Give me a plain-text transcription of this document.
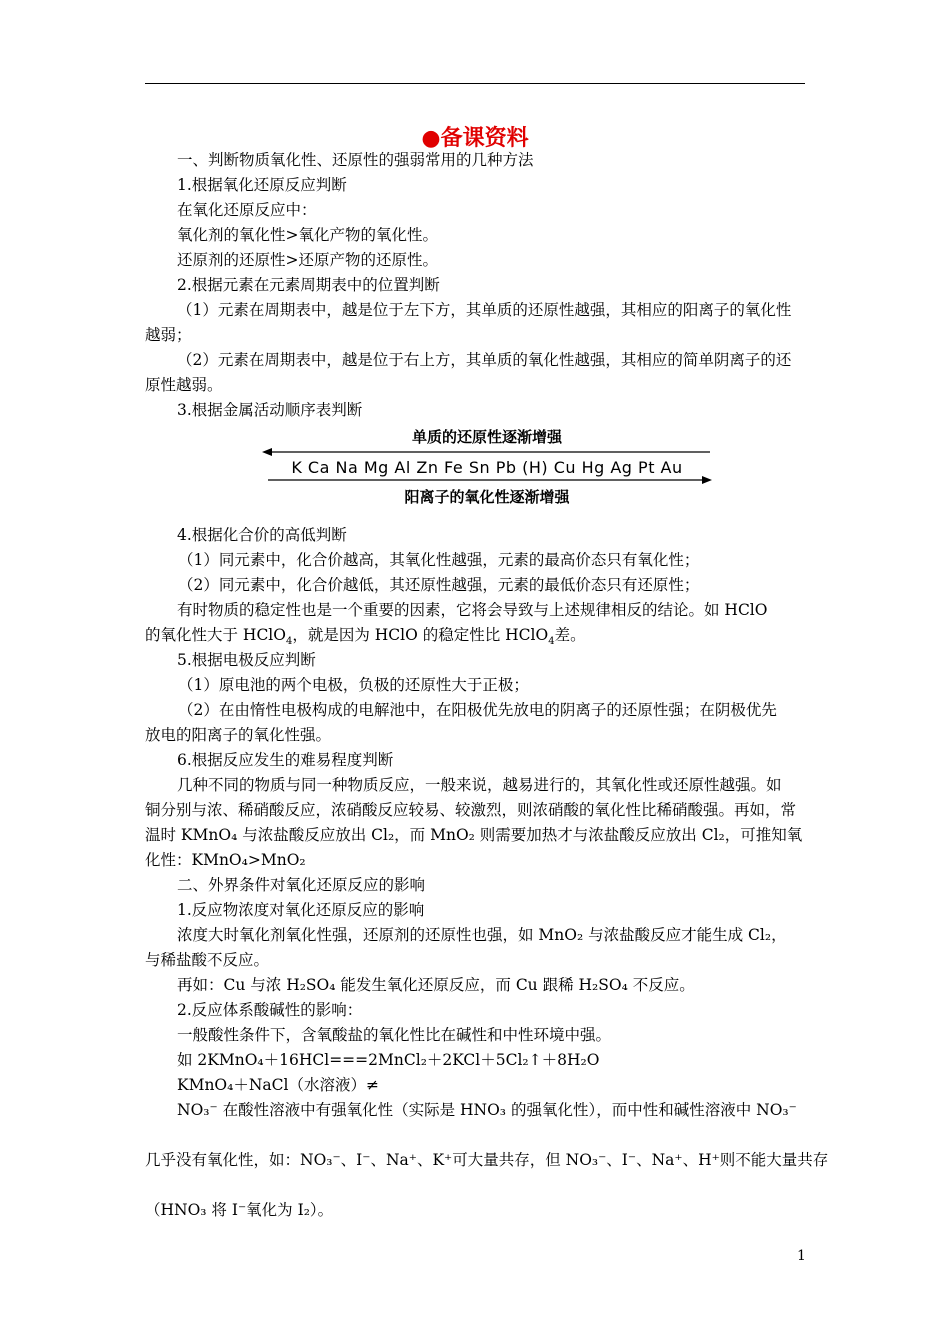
●备课资料
一、判断物质氧化性、还原性的强弱常用的几种方法
1.根据氧化还原反应判断
在氧化还原反应中：
氧化剂的氧化性>氧化产物的氧化性。
还原剂的还原性>还原产物的还原性。
2.根据元素在元素周期表中的位置判断
（1）元素在周期表中，越是位于左下方，其单质的还原性越强，其相应的阳离子的氧化性
越弱；
（2）元素在周期表中，越是位于右上方，其单质的氧化性越强，其相应的简单阴离子的还
原性越弱。
3.根据金属活动顺序表判断
单质的还原性逐渐增强
K Ca Na Mg Al Zn Fe Sn Pb (H) Cu Hg Ag Pt Au
阳离子的氧化性逐渐增强
4.根据化合价的高低判断
（1）同元素中，化合价越高，其氧化性越强，元素的最高价态只有氧化性；
（2）同元素中，化合价越低，其还原性越强，元素的最低价态只有还原性；
有时物质的稳定性也是一个重要的因素，它将会导致与上述规律相反的结论。如 HClO
的氧化性大于 HClO$_4$，就是因为 HClO 的稳定性比 HClO$_4$差。
5.根据电极反应判断
（1）原电池的两个电极，负极的还原性大于正极；
（2）在由惰性电极构成的电解池中，在阳极优先放电的阴离子的还原性强；在阴极优先
放电的阳离子的氧化性强。
6.根据反应发生的难易程度判断
几种不同的物质与同一种物质反应，一般来说，越易进行的，其氧化性或还原性越强。如
铜分别与浓、稀硝酸反应，浓硝酸反应较易、较激烈，则浓硝酸的氧化性比稀硝酸强。再如，常
温时 KMnO₄ 与浓盐酸反应放出 Cl₂，而 MnO₂ 则需要加热才与浓盐酸反应放出 Cl₂，可推知氧
化性：KMnO₄>MnO₂
二、外界条件对氧化还原反应的影响
1.反应物浓度对氧化还原反应的影响
浓度大时氧化剂氧化性强，还原剂的还原性也强，如 MnO₂ 与浓盐酸反应才能生成 Cl₂，
与稀盐酸不反应。
再如：Cu 与浓 H₂SO₄ 能发生氧化还原反应，而 Cu 跟稀 H₂SO₄ 不反应。
2.反应体系酸碱性的影响：
一般酸性条件下，含氧酸盐的氧化性比在碱性和中性环境中强。
如 2KMnO₄＋16HCl===2MnCl₂＋2KCl＋5Cl₂↑＋8H₂O
KMnO₄＋NaCl（水溶液）≠
NO₃⁻ 在酸性溶液中有强氧化性（实际是 HNO₃ 的强氧化性），而中性和碱性溶液中 NO₃⁻
几乎没有氧化性，如：NO₃⁻、I⁻、Na⁺、K⁺可大量共存，但 NO₃⁻、I⁻、Na⁺、H⁺则不能大量共存
（HNO₃ 将 I⁻氧化为 I₂）。
1
